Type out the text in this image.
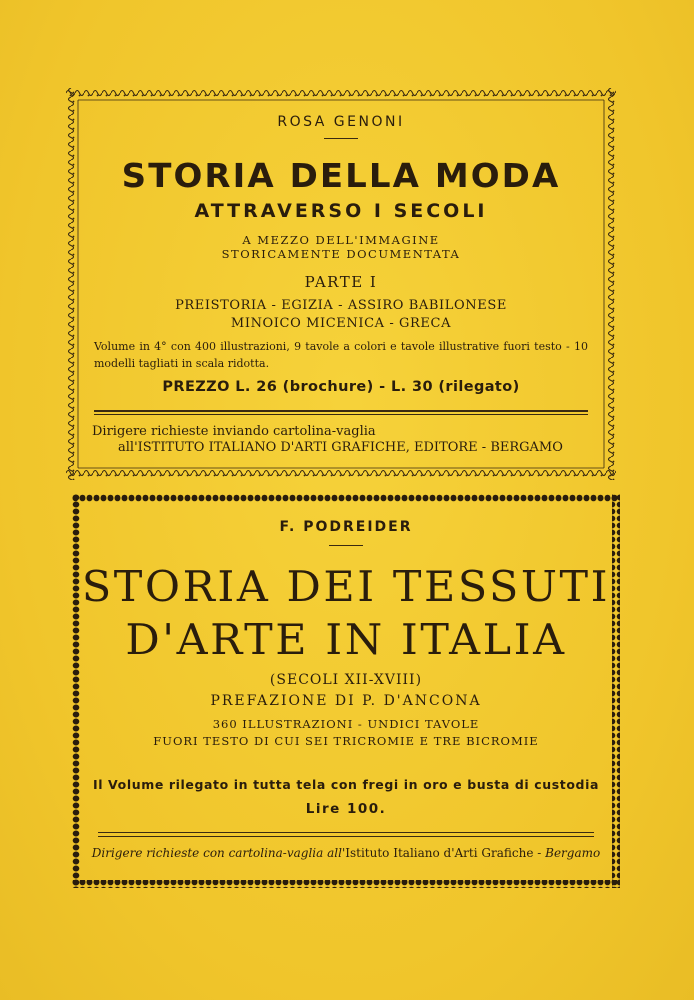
ROSA GENONI
STORIA DELLA MODA
ATTRAVERSO I SECOLI
A MEZZO DELL'IMMAGINE
STORICAMENTE DOCUMENTATA
PARTE I
PREISTORIA - EGIZIA - ASSIRO BABILONESE
MINOICO MICENICA - GRECA
Volume in 4° con 400 illustrazioni, 9 tavole a colori e tavole illustrative fuori testo - 10 modelli tagliati in scala ridotta.
PREZZO L. 26 (brochure) - L. 30 (rilegato)
Dirigere richieste inviando cartolina-vaglia
all'ISTITUTO ITALIANO D'ARTI GRAFICHE, EDITORE - BERGAMO
F. PODREIDER
STORIA DEI TESSUTI
D'ARTE IN ITALIA
(SECOLI XII-XVIII)
PREFAZIONE DI P. D'ANCONA
360 ILLUSTRAZIONI - UNDICI TAVOLE
FUORI TESTO DI CUI SEI TRICROMIE E TRE BICROMIE
Il Volume rilegato in tutta tela con fregi in oro e busta di custodia
Lire 100.
Dirigere richieste con cartolina-vaglia all'Istituto Italiano d'Arti Grafiche - Bergamo
